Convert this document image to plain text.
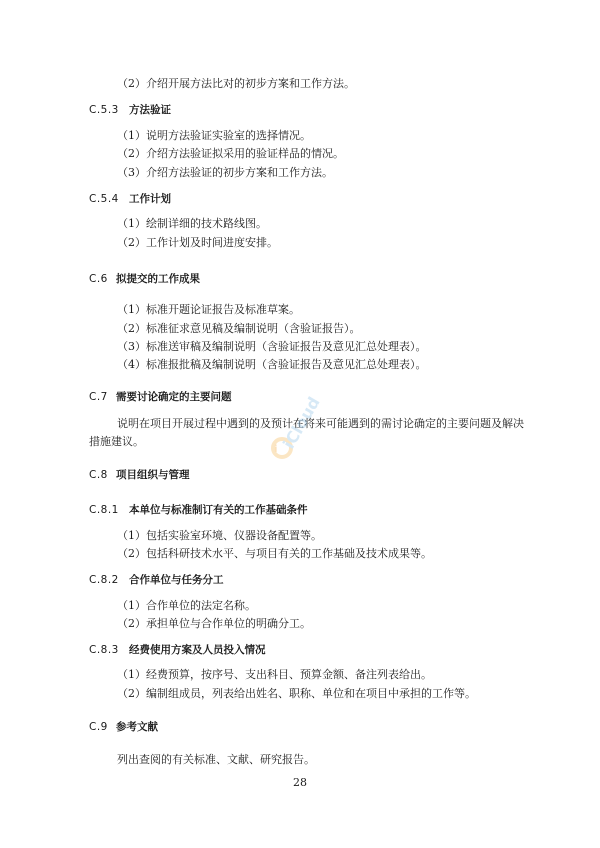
（2）介绍开展方法比对的初步方案和工作方法。
C.5.3 方法验证
（1）说明方法验证实验室的选择情况。
（2）介绍方法验证拟采用的验证样品的情况。
（3）介绍方法验证的初步方案和工作方法。
C.5.4 工作计划
（1）绘制详细的技术路线图。
（2）工作计划及时间进度安排。
C.6 拟提交的工作成果
（1）标准开题论证报告及标准草案。
（2）标准征求意见稿及编制说明（含验证报告）。
（3）标准送审稿及编制说明（含验证报告及意见汇总处理表）。
（4）标准报批稿及编制说明（含验证报告及意见汇总处理表）。
C.7 需要讨论确定的主要问题
说明在项目开展过程中遇到的及预计在将来可能遇到的需讨论确定的主要问题及解决
措施建议。
C.8 项目组织与管理
C.8.1 本单位与标准制订有关的工作基础条件
（1）包括实验室环境、仪器设备配置等。
（2）包括科研技术水平、与项目有关的工作基础及技术成果等。
C.8.2 合作单位与任务分工
（1）合作单位的法定名称。
（2）承担单位与合作单位的明确分工。
C.8.3 经费使用方案及人员投入情况
（1）经费预算，按序号、支出科目、预算金额、备注列表给出。
（2）编制组成员，列表给出姓名、职称、单位和在项目中承担的工作等。
C.9 参考文献
列出查阅的有关标准、文献、研究报告。
28
i iCloud
